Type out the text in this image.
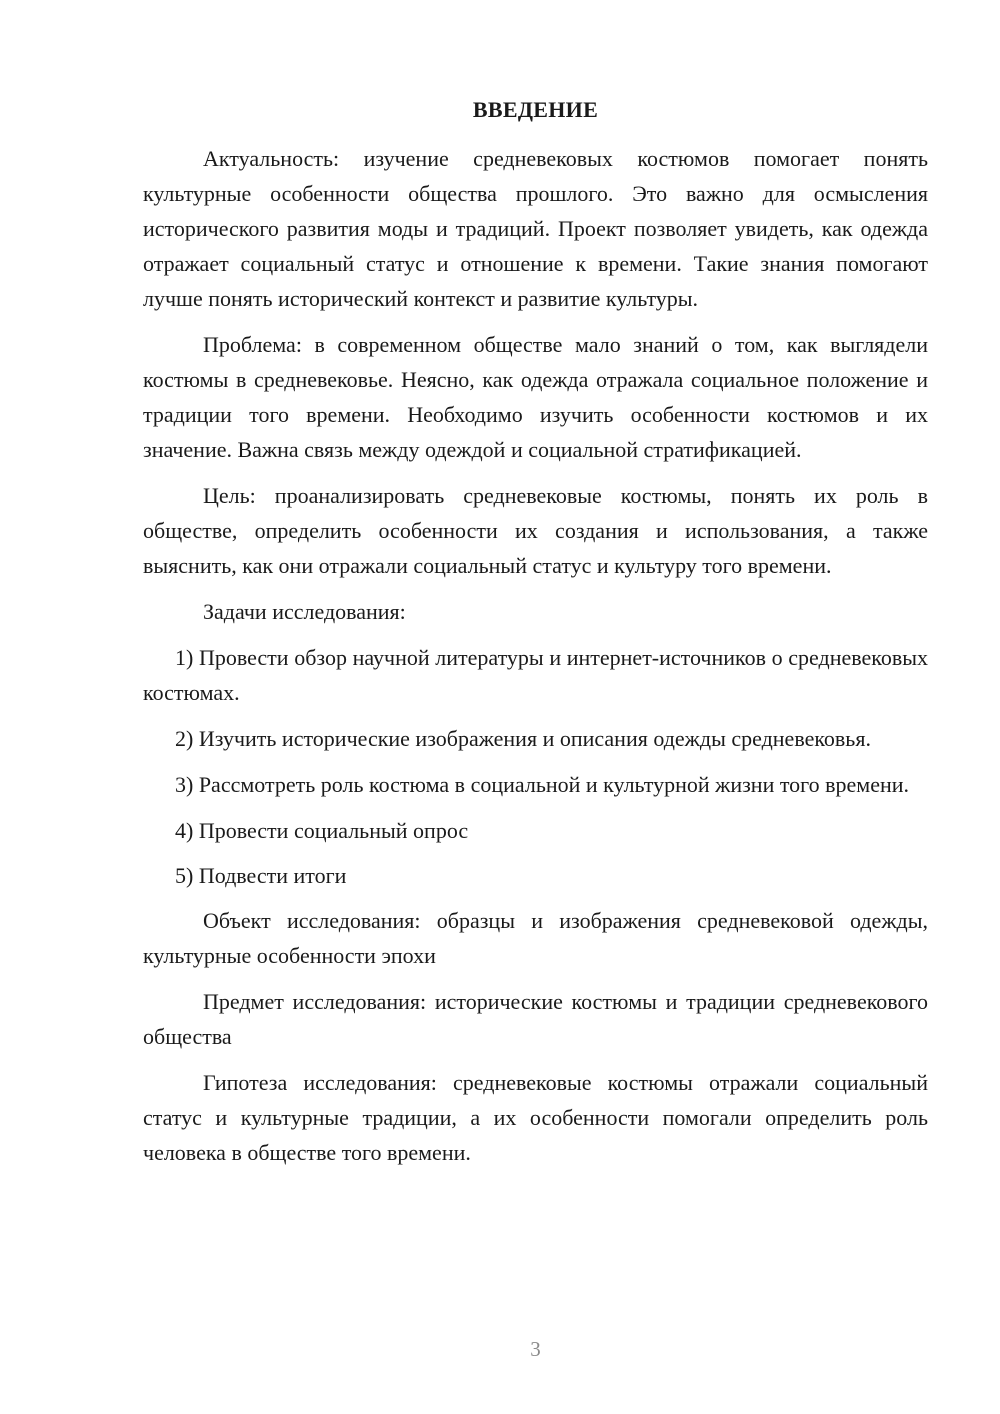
ВВЕДЕНИЕ

Актуальность: изучение средневековых костюмов помогает понять культурные особенности общества прошлого. Это важно для осмысления исторического развития моды и традиций. Проект позволяет увидеть, как одежда отражает социальный статус и отношение к времени. Такие знания помогают лучше понять исторический контекст и развитие культуры.

Проблема: в современном обществе мало знаний о том, как выглядели костюмы в средневековье. Неясно, как одежда отражала социальное положение и традиции того времени. Необходимо изучить особенности костюмов и их значение. Важна связь между одеждой и социальной стратификацией.

Цель: проанализировать средневековые костюмы, понять их роль в обществе, определить особенности их создания и использования, а также выяснить, как они отражали социальный статус и культуру того времени.

Задачи исследования:

1) Провести обзор научной литературы и интернет-источников о средневековых костюмах.

2) Изучить исторические изображения и описания одежды средневековья.

3) Рассмотреть роль костюма в социальной и культурной жизни того времени.

4) Провести социальный опрос

5) Подвести итоги

Объект исследования: образцы и изображения средневековой одежды, культурные особенности эпохи

Предмет исследования: исторические костюмы и традиции средневекового общества

Гипотеза исследования: средневековые костюмы отражали социальный статус и культурные традиции, а их особенности помогали определить роль человека в обществе того времени.

3
